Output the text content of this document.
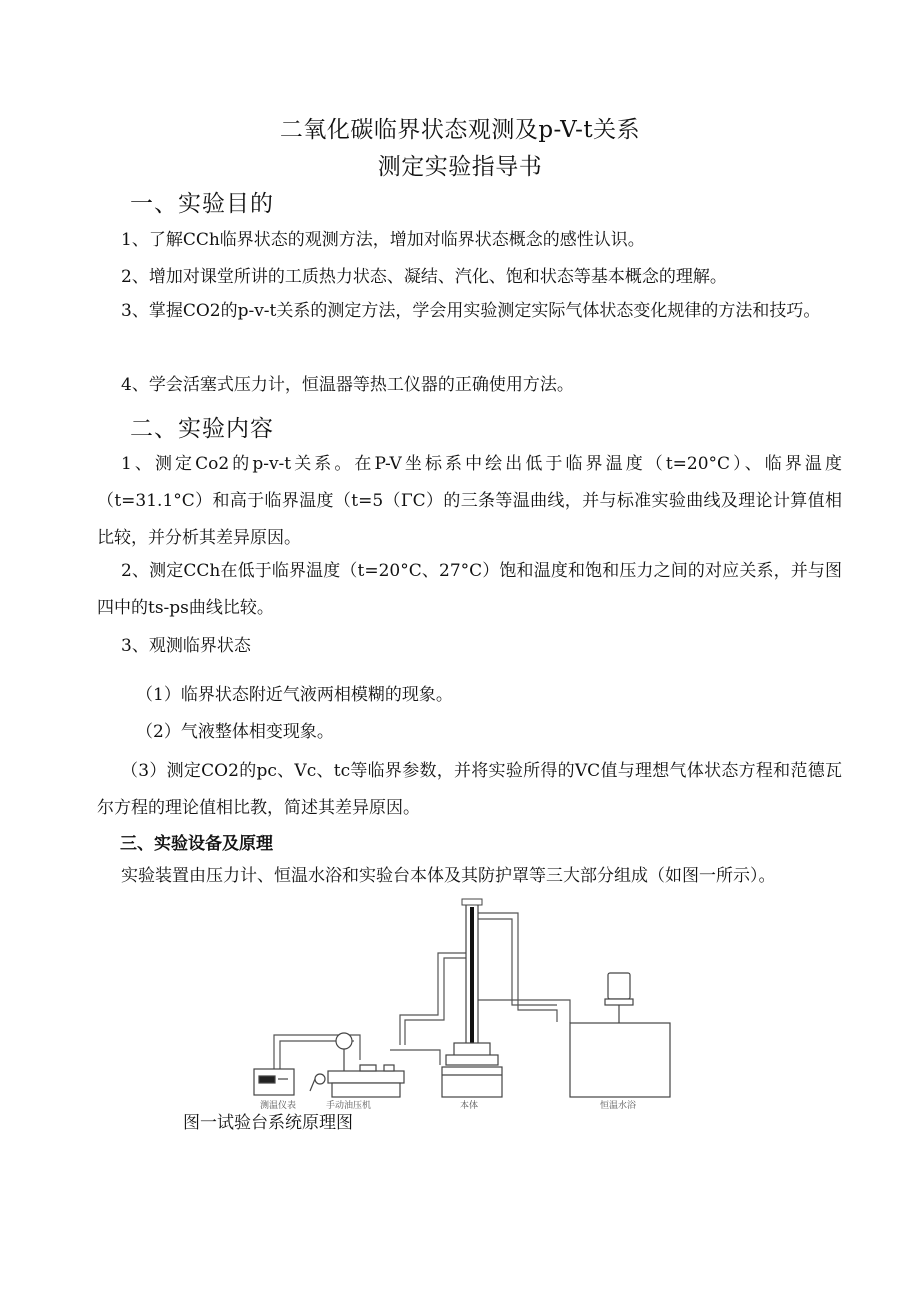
二氧化碳临界状态观测及p-V-t关系
测定实验指导书
一、实验目的
1、了解CCh临界状态的观测方法，增加对临界状态概念的感性认识。
2、增加对课堂所讲的工质热力状态、凝结、汽化、饱和状态等基本概念的理解。
3、掌握CO2的p-v-t关系的测定方法，学会用实验测定实际气体状态变化规律的方法和技巧。
4、学会活塞式压力计，恒温器等热工仪器的正确使用方法。
二、实验内容
1、测定Co2的p-v-t关系。在P-V坐标系中绘出低于临界温度（t=20°C）、临界温度（t=31.1°C）和高于临界温度（t=5（ΓC）的三条等温曲线，并与标准实验曲线及理论计算值相比较，并分析其差异原因。
2、测定CCh在低于临界温度（t=20°C、27°C）饱和温度和饱和压力之间的对应关系，并与图四中的ts-ps曲线比较。
3、观测临界状态
（1）临界状态附近气液两相模糊的现象。
（2）气液整体相变现象。
（3）测定CO2的pc、Vc、tc等临界参数，并将实验所得的VC值与理想气体状态方程和范德瓦尔方程的理论值相比教，简述其差异原因。
三、实验设备及原理
实验装置由压力计、恒温水浴和实验台本体及其防护罩等三大部分组成（如图一所示）。
测温仪表	手动油压机	本体	恒温水浴
图一试验台系统原理图
